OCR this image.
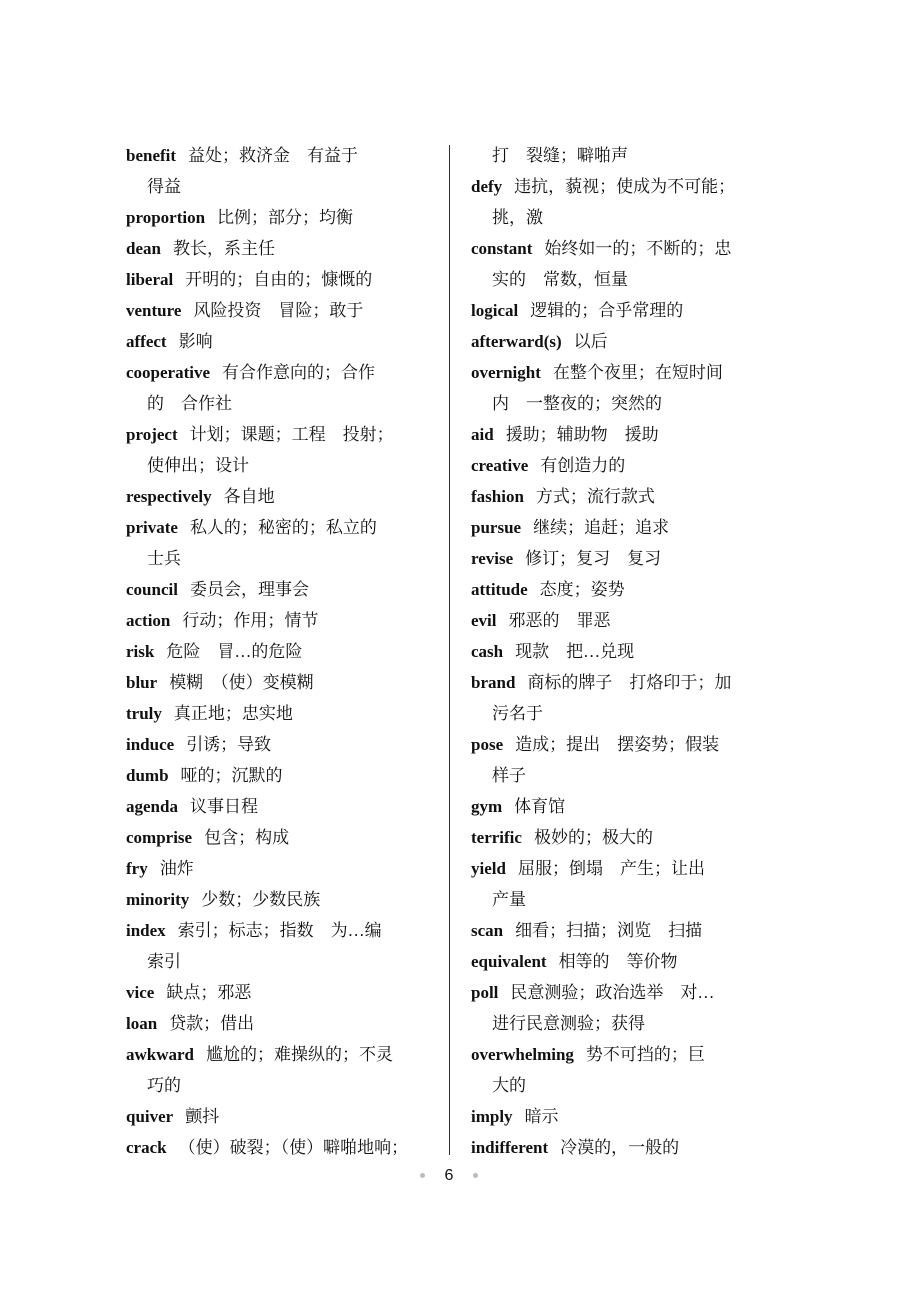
benefit 益处；救济金　有益于
得益
proportion 比例；部分；均衡
dean 教长，系主任
liberal 开明的；自由的；慷慨的
venture 风险投资　冒险；敢于
affect 影响
cooperative 有合作意向的；合作
的　合作社
project 计划；课题；工程　投射；
使伸出；设计
respectively 各自地
private 私人的；秘密的；私立的
士兵
council 委员会，理事会
action 行动；作用；情节
risk 危险　冒…的危险
blur 模糊　（使）变模糊
truly 真正地；忠实地
induce 引诱；导致
dumb 哑的；沉默的
agenda 议事日程
comprise 包含；构成
fry 油炸
minority 少数；少数民族
index 索引；标志；指数　为…编
索引
vice 缺点；邪恶
loan 贷款；借出
awkward 尴尬的；难操纵的；不灵
巧的
quiver 颤抖
crack （使）破裂；（使）噼啪地响；
打　裂缝；噼啪声
defy 违抗，藐视；使成为不可能；
挑，激
constant 始终如一的；不断的；忠
实的　常数，恒量
logical 逻辑的；合乎常理的
afterward(s) 以后
overnight 在整个夜里；在短时间
内　一整夜的；突然的
aid 援助；辅助物　援助
creative 有创造力的
fashion 方式；流行款式
pursue 继续；追赶；追求
revise 修订；复习　复习
attitude 态度；姿势
evil 邪恶的　罪恶
cash 现款　把…兑现
brand 商标的牌子　打烙印于；加
污名于
pose 造成；提出　摆姿势；假装
样子
gym 体育馆
terrific 极妙的；极大的
yield 屈服；倒塌　产生；让出
产量
scan 细看；扫描；浏览　扫描
equivalent 相等的　等价物
poll 民意测验；政治选举　对…
进行民意测验；获得
overwhelming 势不可挡的；巨
大的
imply 暗示
indifferent 冷漠的，一般的
6
